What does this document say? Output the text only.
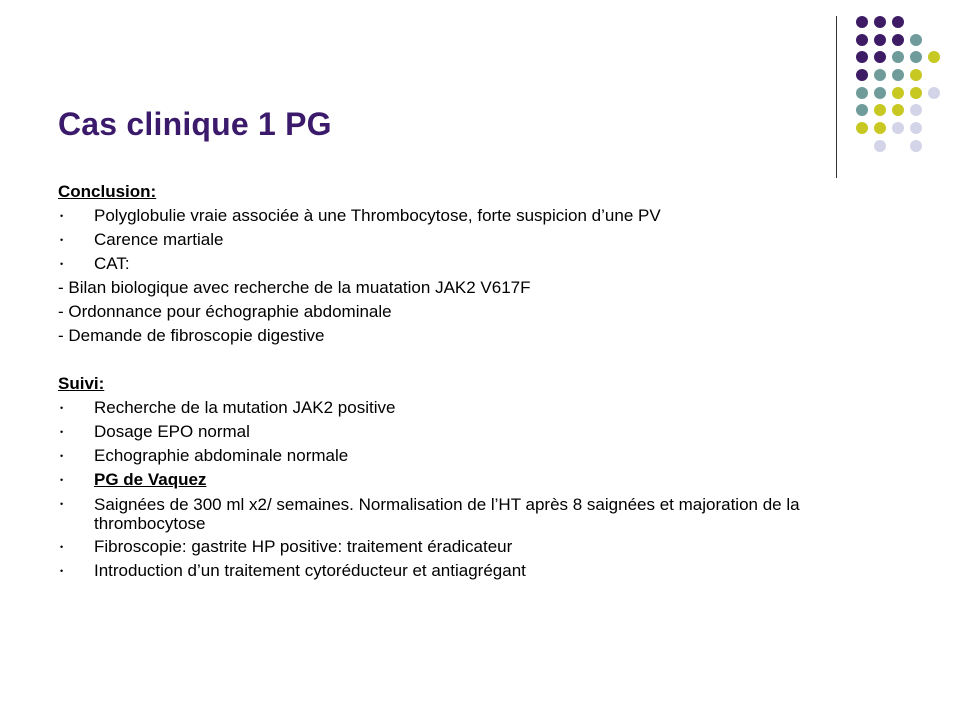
Cas clinique 1 PG
Conclusion:
• Polyglobulie vraie associée à une Thrombocytose, forte suspicion d’une PV
• Carence martiale
• CAT:
- Bilan biologique avec recherche de la muatation JAK2 V617F
- Ordonnance pour échographie abdominale
- Demande de fibroscopie digestive
Suivi:
• Recherche de la mutation JAK2 positive
• Dosage EPO normal
• Echographie abdominale normale
• PG de Vaquez
• Saignées de 300 ml x2/ semaines. Normalisation de l’HT après 8 saignées et majoration de la thrombocytose
• Fibroscopie: gastrite HP positive: traitement éradicateur
• Introduction d’un traitement cytoréducteur et antiagrégant
